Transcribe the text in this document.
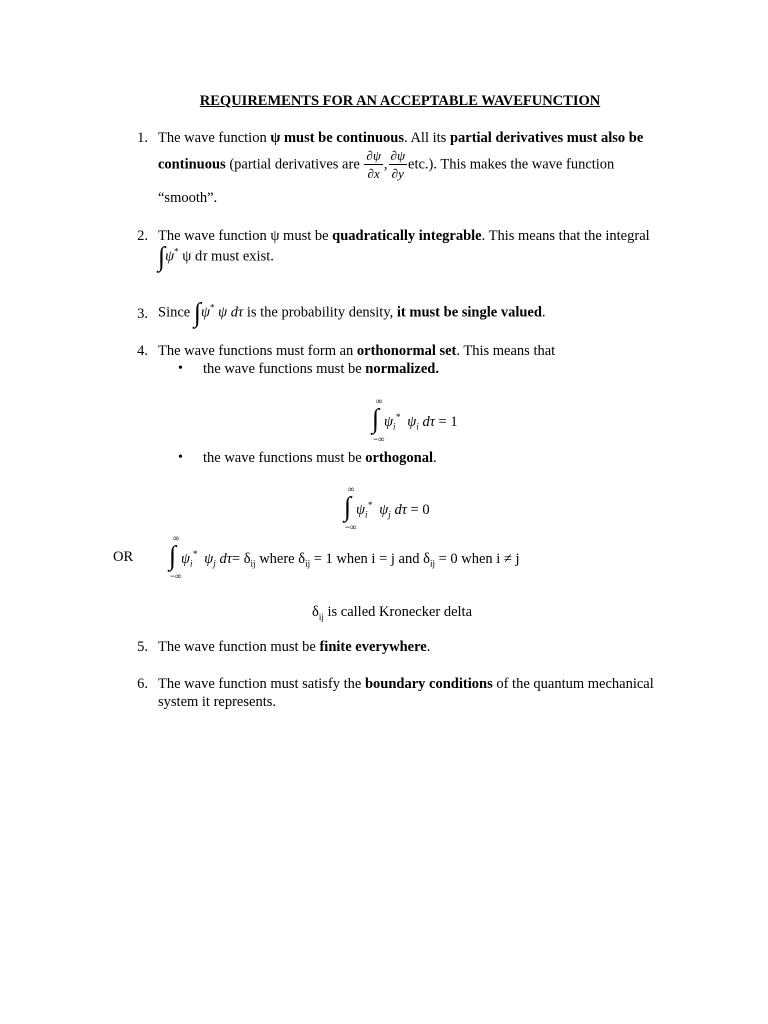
REQUIREMENTS FOR AN ACCEPTABLE WAVEFUNCTION
1. The wave function ψ must be continuous. All its partial derivatives must also be
continuous (partial derivatives are $\frac{\partial\psi}{\partial x}$ , $\frac{\partial\psi}{\partial y} etc$.). This makes the wave function
“smooth”.
2. The wave function ψ must be quadratically integrable. This means that the integral
∫ψ* ψ dτ must exist.
3. Since ∫ψ* ψ dτ is the probability density, it must be single valued.
4. The wave functions must form an orthonormal set. This means that
• the wave functions must be normalized.
∞
−∞
∫ $\psi_i^*$ $\psi_i$ dτ = 1
• the wave functions must be orthogonal.
∞
−∞
∫ $\psi_i^*$ $\psi_j$ dτ = 0
OR
∞
−∞
∫ $\psi_i^*$ $\psi_j$ $d\tau= \delta_{ij}$ where $\delta_{ij} = 1$ when i = j and $\delta_{ij} = 0$ when i ≠ j
$\delta_{ij}$ is called Kronecker delta
5. The wave function must be finite everywhere.
6. The wave function must satisfy the boundary conditions of the quantum mechanical
system it represents.
